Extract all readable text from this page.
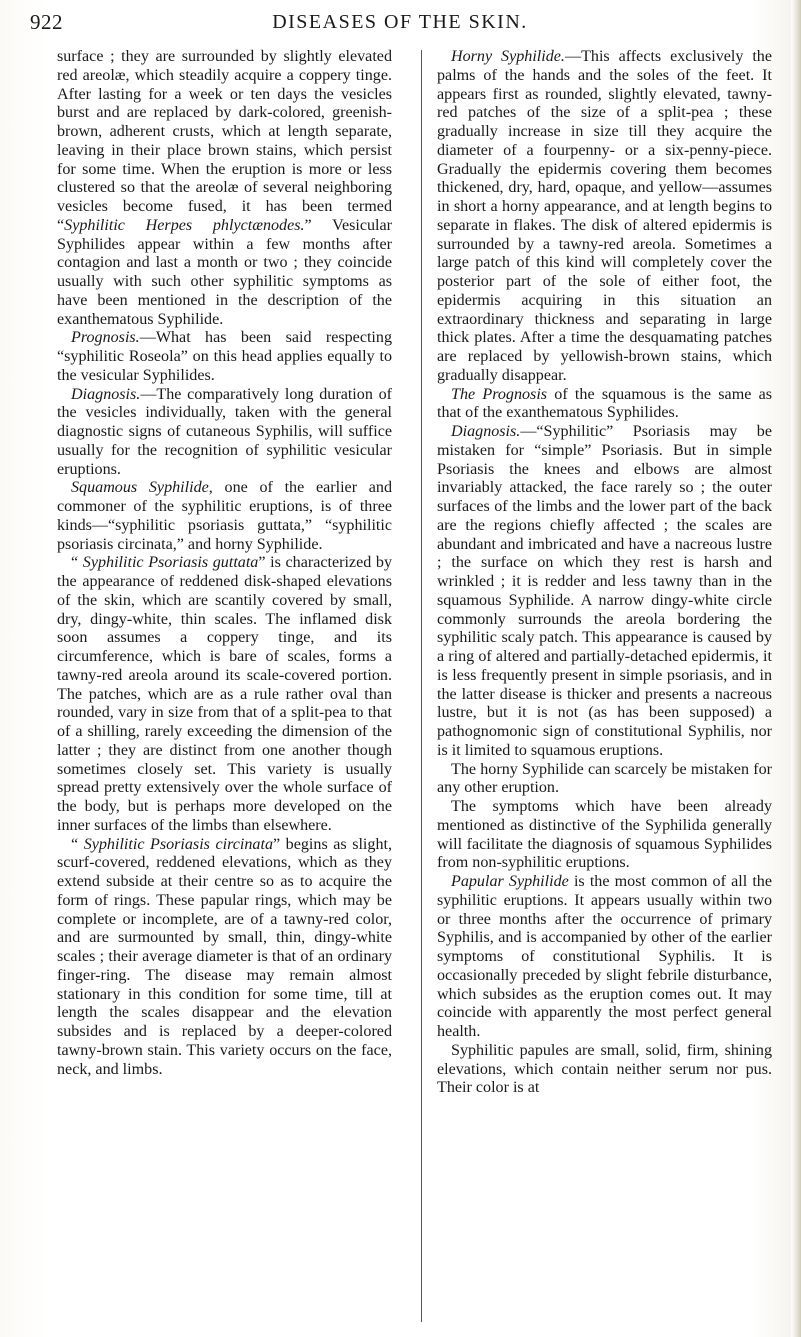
922	DISEASES OF THE SKIN.

surface ; they are surrounded by slightly elevated red areolæ, which steadily acquire a coppery tinge. After lasting for a week or ten days the vesicles burst and are replaced by dark-colored, greenish-brown, adherent crusts, which at length separate, leaving in their place brown stains, which persist for some time. When the eruption is more or less clustered so that the areolæ of several neighboring vesicles become fused, it has been termed “Syphilitic Herpes phlyctænodes.” Vesicular Syphilides appear within a few months after contagion and last a month or two ; they coincide usually with such other syphilitic symptoms as have been mentioned in the description of the exanthematous Syphilide.

Prognosis.—What has been said respecting “syphilitic Roseola” on this head applies equally to the vesicular Syphilides.

Diagnosis.—The comparatively long duration of the vesicles individually, taken with the general diagnostic signs of cutaneous Syphilis, will suffice usually for the recognition of syphilitic vesicular eruptions.

Squamous Syphilide, one of the earlier and commoner of the syphilitic eruptions, is of three kinds—“syphilitic psoriasis guttata,” “syphilitic psoriasis circinata,” and horny Syphilide.

“ Syphilitic Psoriasis guttata” is characterized by the appearance of reddened disk-shaped elevations of the skin, which are scantily covered by small, dry, dingy-white, thin scales. The inflamed disk soon assumes a coppery tinge, and its circumference, which is bare of scales, forms a tawny-red areola around its scale-covered portion. The patches, which are as a rule rather oval than rounded, vary in size from that of a split-pea to that of a shilling, rarely exceeding the dimension of the latter ; they are distinct from one another though sometimes closely set. This variety is usually spread pretty extensively over the whole surface of the body, but is perhaps more developed on the inner surfaces of the limbs than elsewhere.

“ Syphilitic Psoriasis circinata” begins as slight, scurf-covered, reddened elevations, which as they extend subside at their centre so as to acquire the form of rings. These papular rings, which may be complete or incomplete, are of a tawny-red color, and are surmounted by small, thin, dingy-white scales ; their average diameter is that of an ordinary finger-ring. The disease may remain almost stationary in this condition for some time, till at length the scales disappear and the elevation subsides and is replaced by a deeper-colored tawny-brown stain. This variety occurs on the face, neck, and limbs.

Horny Syphilide.—This affects exclusively the palms of the hands and the soles of the feet. It appears first as rounded, slightly elevated, tawny-red patches of the size of a split-pea ; these gradually increase in size till they acquire the diameter of a fourpenny- or a six-penny-piece. Gradually the epidermis covering them becomes thickened, dry, hard, opaque, and yellow—assumes in short a horny appearance, and at length begins to separate in flakes. The disk of altered epidermis is surrounded by a tawny-red areola. Sometimes a large patch of this kind will completely cover the posterior part of the sole of either foot, the epidermis acquiring in this situation an extraordinary thickness and separating in large thick plates. After a time the desquamating patches are replaced by yellowish-brown stains, which gradually disappear.

The Prognosis of the squamous is the same as that of the exanthematous Syphilides.

Diagnosis.—“Syphilitic” Psoriasis may be mistaken for “simple” Psoriasis. But in simple Psoriasis the knees and elbows are almost invariably attacked, the face rarely so ; the outer surfaces of the limbs and the lower part of the back are the regions chiefly affected ; the scales are abundant and imbricated and have a nacreous lustre ; the surface on which they rest is harsh and wrinkled ; it is redder and less tawny than in the squamous Syphilide. A narrow dingy-white circle commonly surrounds the areola bordering the syphilitic scaly patch. This appearance is caused by a ring of altered and partially-detached epidermis, it is less frequently present in simple psoriasis, and in the latter disease is thicker and presents a nacreous lustre, but it is not (as has been supposed) a pathognomonic sign of constitutional Syphilis, nor is it limited to squamous eruptions.

The horny Syphilide can scarcely be mistaken for any other eruption.

The symptoms which have been already mentioned as distinctive of the Syphilida generally will facilitate the diagnosis of squamous Syphilides from non-syphilitic eruptions.

Papular Syphilide is the most common of all the syphilitic eruptions. It appears usually within two or three months after the occurrence of primary Syphilis, and is accompanied by other of the earlier symptoms of constitutional Syphilis. It is occasionally preceded by slight febrile disturbance, which subsides as the eruption comes out. It may coincide with apparently the most perfect general health.

Syphilitic papules are small, solid, firm, shining elevations, which contain neither serum nor pus. Their color is at
